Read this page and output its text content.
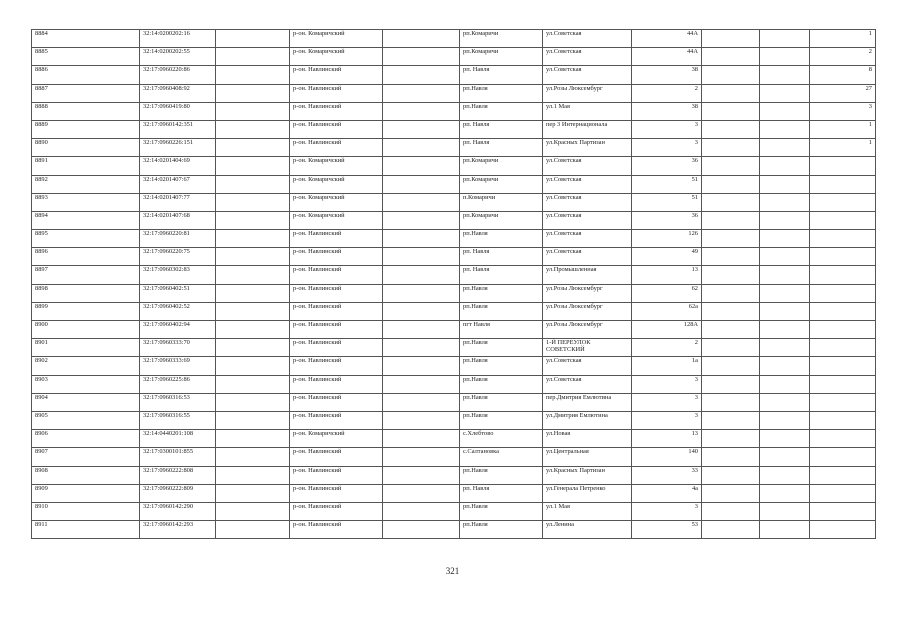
8884	32:14:0200202:16		р-он. Комаричский		рп.Комаричи	ул.Советская	44А			1
8885	32:14:0200202:55		р-он. Комаричский		рп.Комаричи	ул.Советская	44А			2
8886	32:17:0960220:86		р-он. Навлинский		рп. Навля	ул.Советская	38			8
8887	32:17:0960408:92		р-он. Навлинский		рп.Навля	ул.Розы Люксембург	2			27
8888	32:17:0960419:80		р-он. Навлинский		рп.Навля	ул.1 Мая	38			3
8889	32:17:0960142:351		р-он. Навлинский		рп. Навля	пер 3 Интернационала	3			1
8890	32:17:0960226:151		р-он. Навлинский		рп. Навля	ул.Красных Партизан	3			1
8891	32:14:0201404:69		р-он. Комаричский		рп.Комаричи	ул.Советская	36			
8892	32:14:0201407:67		р-он. Комаричский		рп.Комаричи	ул.Советская	51			
8893	32:14:0201407:77		р-он. Комаричский		п.Комаричи	ул.Советская	51			
8894	32:14:0201407:68		р-он. Комаричский		рп.Комаричи	ул.Советская	36			
8895	32:17:0960220:81		р-он. Навлинский		рп.Навля	ул.Советская	126			
8896	32:17:0960220:75		р-он. Навлинский		рп. Навля	ул.Советская	49			
8897	32:17:0960302:83		р-он. Навлинский		рп. Навля	ул.Промышленная	13			
8898	32:17:0960402:51		р-он. Навлинский		рп.Навля	ул.Розы Люксембург	62			
8899	32:17:0960402:52		р-он. Навлинский		рп.Навля	ул.Розы Люксембург	62а			
8900	32:17:0960402:94		р-он. Навлинский		пгт Навля	ул.Розы Люксембург	128А			
8901	32:17:0960333:70		р-он. Навлинский		рп.Навля	1-Й ПЕРЕУЛОК СОВЕТСКИЙ	2			
8902	32:17:0960333:69		р-он. Навлинский		рп.Навля	ул.Советская	1а			
8903	32:17:0960225:86		р-он. Навлинский		рп.Навля	ул.Советская	3			
8904	32:17:0960316:53		р-он. Навлинский		рп.Навля	пер.Дмитрия Емлютина	3			
8905	32:17:0960316:55		р-он. Навлинский		рп.Навля	ул.Дмитрия Емлютина	3			
8906	32:14:0440201:108		р-он. Комаричский		с.Хлебтово	ул.Новая	13			
8907	32:17:0300101:855		р-он. Навлинский		с.Салтановка	ул.Центральная	140			
8908	32:17:0960222:808		р-он. Навлинский		рп.Навля	ул.Красных Партизан	33			
8909	32:17:0960222:809		р-он. Навлинский		рп. Навля	ул.Генерала Петренко	4а			
8910	32:17:0960142:290		р-он. Навлинский		рп.Навля	ул.1 Мая	3			
8911	32:17:0960142:293		р-он. Навлинский		рп.Навля	ул.Ленина	53			
321
